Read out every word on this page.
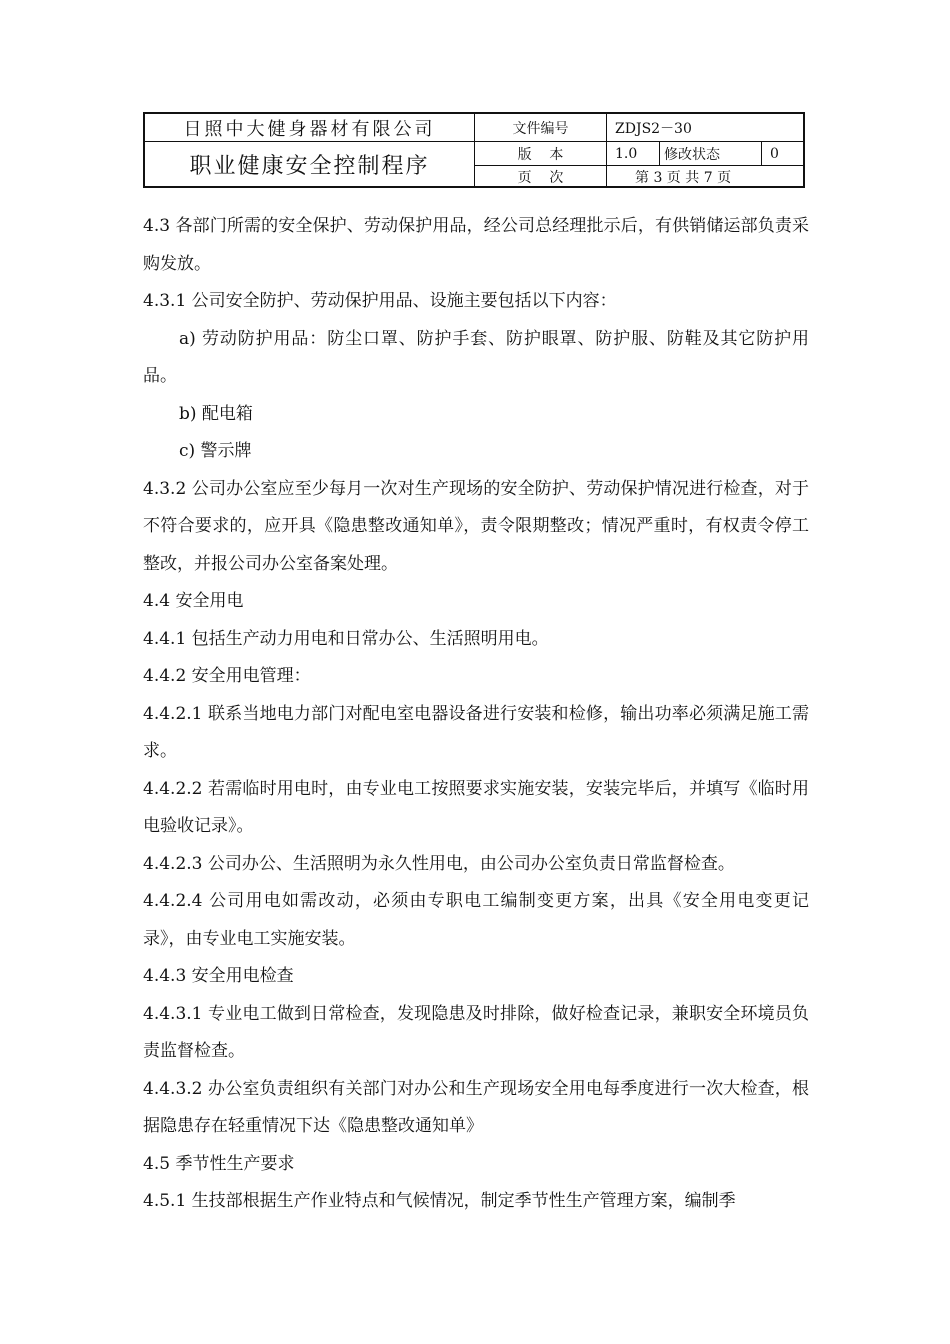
日照中大健身器材有限公司
职业健康安全控制程序
文件编号	ZDJS2－30
版    本	1.0	修改状态	0
页    次	第 3 页 共 7 页

4.3 各部门所需的安全保护、劳动保护用品，经公司总经理批示后，有供销储运部负责采购发放。

4.3.1 公司安全防护、劳动保护用品、设施主要包括以下内容：

a) 劳动防护用品：防尘口罩、防护手套、防护眼罩、防护服、防鞋及其它防护用品。

b) 配电箱

c) 警示牌

4.3.2 公司办公室应至少每月一次对生产现场的安全防护、劳动保护情况进行检查，对于不符合要求的，应开具《隐患整改通知单》，责令限期整改；情况严重时，有权责令停工整改，并报公司办公室备案处理。

4.4 安全用电

4.4.1 包括生产动力用电和日常办公、生活照明用电。

4.4.2 安全用电管理：

4.4.2.1 联系当地电力部门对配电室电器设备进行安装和检修，输出功率必须满足施工需求。

4.4.2.2 若需临时用电时，由专业电工按照要求实施安装，安装完毕后，并填写《临时用电验收记录》。

4.4.2.3 公司办公、生活照明为永久性用电，由公司办公室负责日常监督检查。

4.4.2.4 公司用电如需改动，必须由专职电工编制变更方案，出具《安全用电变更记录》，由专业电工实施安装。

4.4.3 安全用电检查

4.4.3.1 专业电工做到日常检查，发现隐患及时排除，做好检查记录，兼职安全环境员负责监督检查。

4.4.3.2 办公室负责组织有关部门对办公和生产现场安全用电每季度进行一次大检查，根据隐患存在轻重情况下达《隐患整改通知单》

4.5 季节性生产要求

4.5.1 生技部根据生产作业特点和气候情况，制定季节性生产管理方案，编制季
